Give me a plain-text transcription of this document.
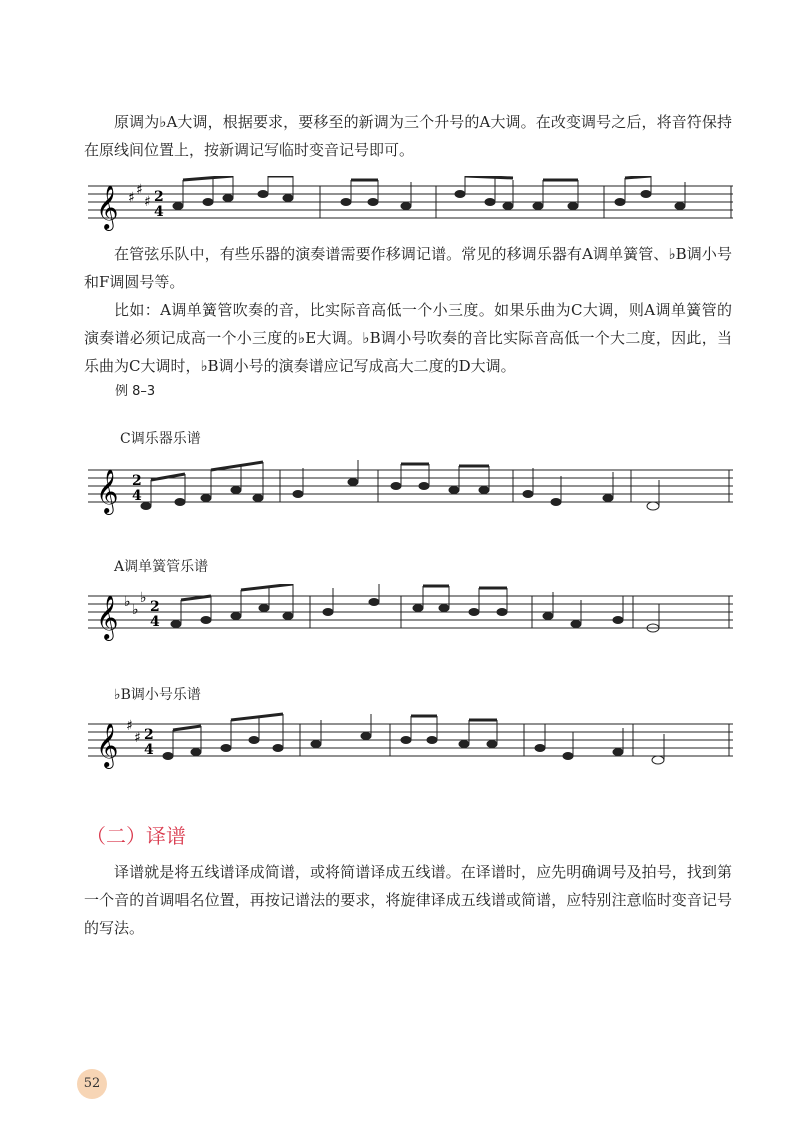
原调为♭A大调，根据要求，要移至的新调为三个升号的A大调。在改变调号之后，将音符保持在原线间位置上，按新调记写临时变音记号即可。

𝄞 ♯ ♯
♯ 2
4

在管弦乐队中，有些乐器的演奏谱需要作移调记谱。常见的移调乐器有A调单簧管、♭B调小号和F调圆号等。

比如：A调单簧管吹奏的音，比实际音高低一个小三度。如果乐曲为C大调，则A调单簧管的演奏谱必须记成高一个小三度的♭E大调。♭B调小号吹奏的音比实际音高低一个大二度，因此，当乐曲为C大调时，♭B调小号的演奏谱应记写成高大二度的D大调。

例 8–3
C调乐器乐谱
𝄞 2
4
A调单簧管乐谱
𝄞 ♭ ♭
♭
2
4
♭B调小号乐谱
𝄞 ♯
♯ 2
4
（二）译谱

译谱就是将五线谱译成简谱，或将简谱译成五线谱。在译谱时，应先明确调号及拍号，找到第一个音的首调唱名位置，再按记谱法的要求，将旋律译成五线谱或简谱，应特别注意临时变音记号的写法。

52
